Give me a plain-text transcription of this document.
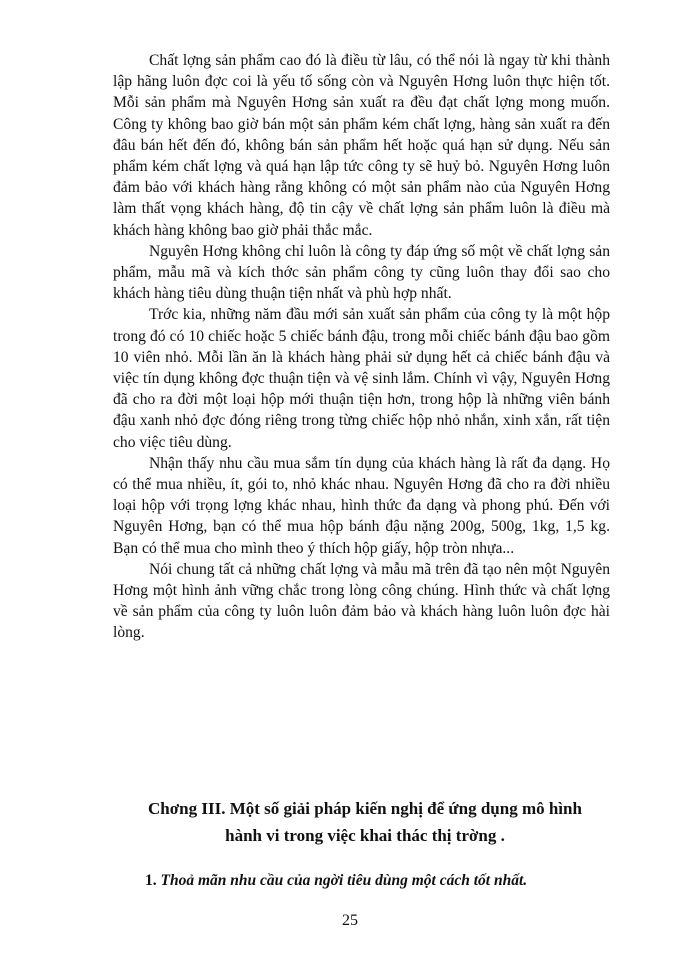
Chất lợng sản phẩm cao đó là điều từ lâu, có thể nói là ngay từ khi thành lập hãng luôn đợc coi là yếu tố sống còn và Nguyên Hơng luôn thực hiện tốt. Mỗi sản phẩm mà Nguyên Hơng sản xuất ra đều đạt chất lợng mong muốn. Công ty không bao giờ bán một sản phẩm kém chất lợng, hàng sản xuất ra đến đâu bán hết đến đó, không bán sản phẩm hết hoặc quá hạn sử dụng. Nếu sản phẩm kém chất lợng và quá hạn lập tức công ty sẽ huỷ bỏ. Nguyên Hơng luôn đảm bảo với khách hàng rằng không có một sản phẩm nào của Nguyên Hơng làm thất vọng khách hàng, độ tin cậy về chất lợng sản phẩm luôn là điều mà khách hàng không bao giờ phải thắc mắc.

Nguyên Hơng không chỉ luôn là công ty đáp ứng số một về chất lợng sản phẩm, mẫu mã và kích thớc sản phẩm công ty cũng luôn thay đổi sao cho khách hàng tiêu dùng thuận tiện nhất và phù hợp nhất.

Trớc kia, những năm đầu mới sản xuất sản phẩm của công ty là một hộp trong đó có 10 chiếc hoặc 5 chiếc bánh đậu, trong mỗi chiếc bánh đậu bao gồm 10 viên nhỏ. Mỗi lần ăn là khách hàng phải sử dụng hết cả chiếc bánh đậu và việc tín dụng không đợc thuận tiện và vệ sinh lắm. Chính vì vậy, Nguyên Hơng đã cho ra đời một loại hộp mới thuận tiện hơn, trong hộp là những viên bánh đậu xanh nhỏ đợc đóng riêng trong từng chiếc hộp nhỏ nhắn, xinh xắn, rất tiện cho việc tiêu dùng.

Nhận thấy nhu cầu mua sắm tín dụng của khách hàng là rất đa dạng. Họ có thể mua nhiều, ít, gói to, nhỏ khác nhau. Nguyên Hơng đã cho ra đời nhiều loại hộp với trọng lợng khác nhau, hình thức đa dạng và phong phú. Đến với Nguyên Hơng, bạn có thể mua hộp bánh đậu nặng 200g, 500g, 1kg, 1,5 kg. Bạn có thể mua cho mình theo ý thích hộp giấy, hộp tròn nhựa...

Nói chung tất cả những chất lợng và mẫu mã trên đã tạo nên một Nguyên Hơng một hình ảnh vững chắc trong lòng công chúng. Hình thức và chất lợng về sản phẩm của công ty luôn luôn đảm bảo và khách hàng luôn luôn đợc hài lòng.

Chơng III. Một số giải pháp kiến nghị để ứng dụng mô hình
hành vi trong việc khai thác thị trờng .
1. Thoả mãn nhu cầu của ngời tiêu dùng một cách tốt nhất.
25
